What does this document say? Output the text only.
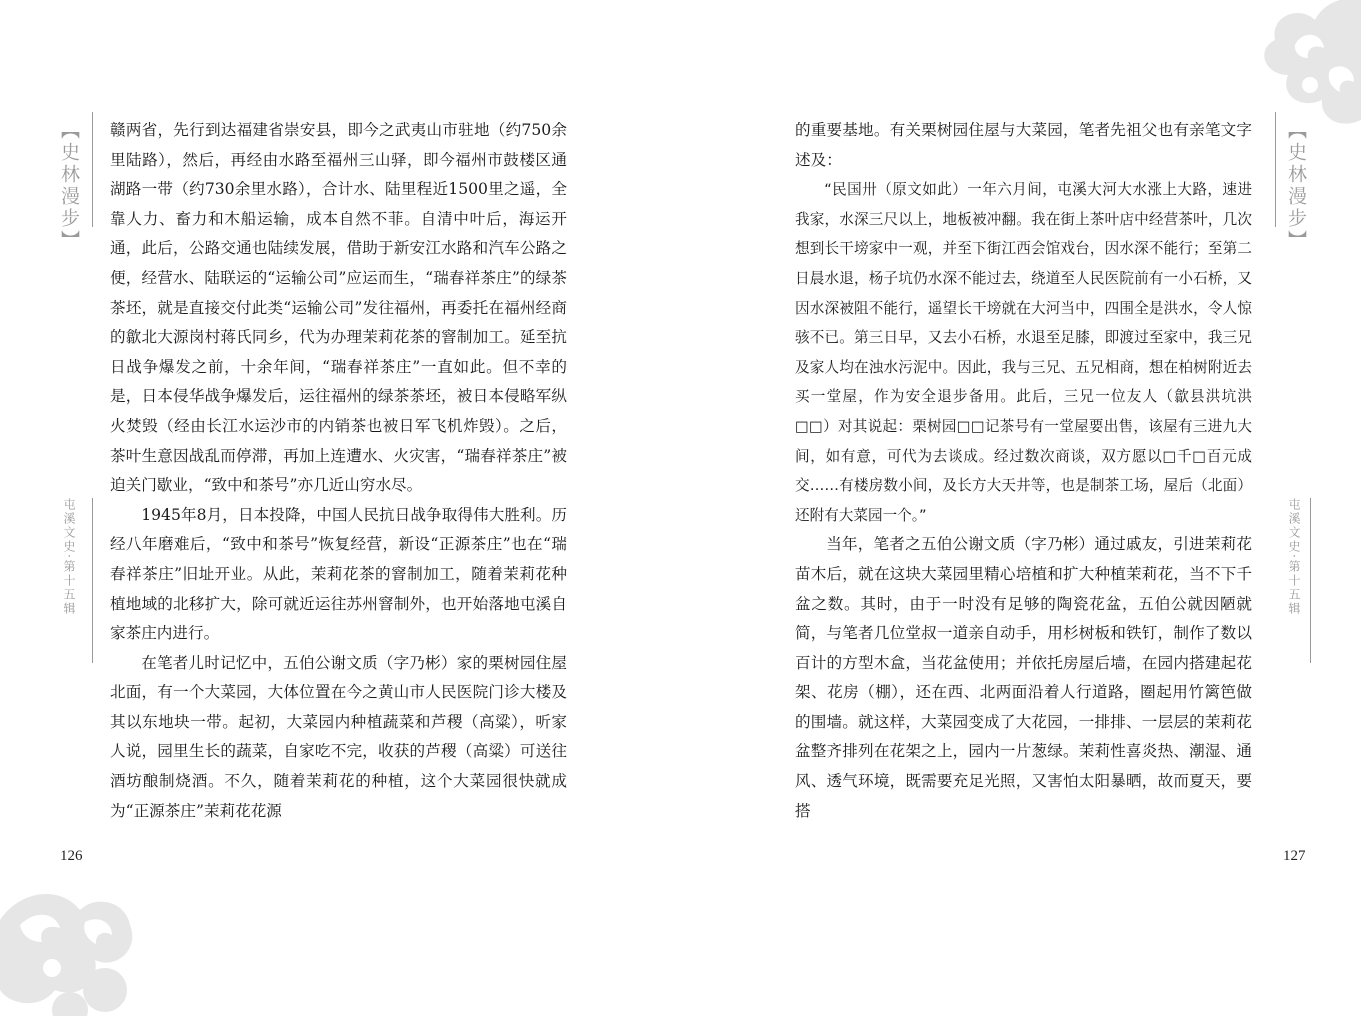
【史林漫步】
屯溪文史·第十五辑

赣两省，先行到达福建省崇安县，即今之武夷山市驻地（约750余里陆路），然后，再经由水路至福州三山驿，即今福州市鼓楼区通湖路一带（约730余里水路），合计水、陆里程近1500里之遥，全靠人力、畜力和木船运输，成本自然不菲。自清中叶后，海运开通，此后，公路交通也陆续发展，借助于新安江水路和汽车公路之便，经营水、陆联运的“运输公司”应运而生，“瑞春祥茶庄”的绿茶茶坯，就是直接交付此类“运输公司”发往福州，再委托在福州经商的歙北大源岗村蒋氏同乡，代为办理茉莉花茶的窨制加工。延至抗日战争爆发之前，十余年间，“瑞春祥茶庄”一直如此。但不幸的是，日本侵华战争爆发后，运往福州的绿茶茶坯，被日本侵略军纵火焚毁（经由长江水运沙市的内销茶也被日军飞机炸毁）。之后，茶叶生意因战乱而停滞，再加上连遭水、火灾害，“瑞春祥茶庄”被迫关门歇业，“致中和茶号”亦几近山穷水尽。

1945年8月，日本投降，中国人民抗日战争取得伟大胜利。历经八年磨难后，“致中和茶号”恢复经营，新设“正源茶庄”也在“瑞春祥茶庄”旧址开业。从此，茉莉花茶的窨制加工，随着茉莉花种植地域的北移扩大，除可就近运往苏州窨制外，也开始落地屯溪自家茶庄内进行。

在笔者儿时记忆中，五伯公谢文质（字乃彬）家的栗树园住屋北面，有一个大菜园，大体位置在今之黄山市人民医院门诊大楼及其以东地块一带。起初，大菜园内种植蔬菜和芦稷（高粱），听家人说，园里生长的蔬菜，自家吃不完，收获的芦稷（高粱）可送往酒坊酿制烧酒。不久，随着茉莉花的种植，这个大菜园很快就成为“正源茶庄”茉莉花花源

126
【史林漫步】
屯溪文史·第十五辑

的重要基地。有关栗树园住屋与大菜园，笔者先祖父也有亲笔文字述及：

“民国卅（原文如此）一年六月间，屯溪大河大水涨上大路，速进我家，水深三尺以上，地板被冲翻。我在街上茶叶店中经营茶叶，几次想到长干塝家中一观，并至下街江西会馆戏台，因水深不能行；至第二日晨水退，杨子坑仍水深不能过去，绕道至人民医院前有一小石桥，又因水深被阻不能行，遥望长干塝就在大河当中，四围全是洪水，令人惊骇不已。第三日早，又去小石桥，水退至足膝，即渡过至家中，我三兄及家人均在浊水污泥中。因此，我与三兄、五兄相商，想在柏树附近去买一堂屋，作为安全退步备用。此后，三兄一位友人（歙县洪坑洪□□）对其说起：栗树园□□记茶号有一堂屋要出售，该屋有三进九大间，如有意，可代为去谈成。经过数次商谈，双方愿以□千□百元成交……有楼房数小间，及长方大天井等，也是制茶工场，屋后（北面）还附有大菜园一个。”

当年，笔者之五伯公谢文质（字乃彬）通过戚友，引进茉莉花苗木后，就在这块大菜园里精心培植和扩大种植茉莉花，当不下千盆之数。其时，由于一时没有足够的陶瓷花盆，五伯公就因陋就简，与笔者几位堂叔一道亲自动手，用杉树板和铁钉，制作了数以百计的方型木盒，当花盆使用；并依托房屋后墙，在园内搭建起花架、花房（棚），还在西、北两面沿着人行道路，圈起用竹篱笆做的围墙。就这样，大菜园变成了大花园，一排排、一层层的茉莉花盆整齐排列在花架之上，园内一片葱绿。茉莉性喜炎热、潮湿、通风、透气环境，既需要充足光照，又害怕太阳暴晒，故而夏天，要搭

127
